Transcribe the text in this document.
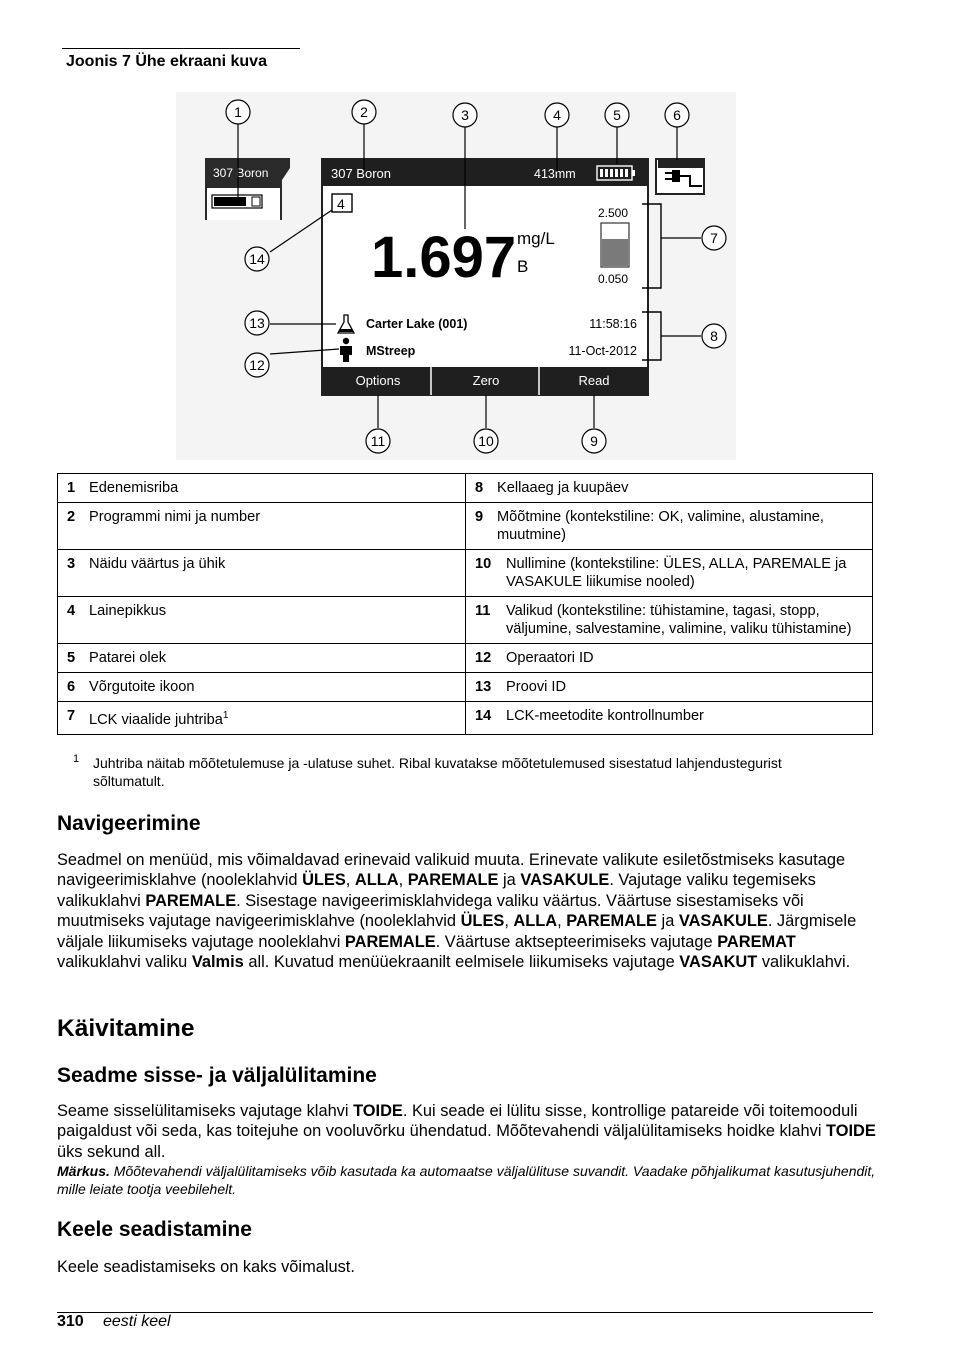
Joonis 7 Ühe ekraani kuva
307 Boron	307 Boron	413mm
4
1.697 mg/L
B
2.500
0.050
Carter Lake (001)	11:58:16
MStreep	11-Oct-2012
Options	Zero	Read
1	2	3	4	5	6
7
8
9
10
11
12
13
14
1 Edenemisriba	8 Kellaaeg ja kuupäev

2 Programmi nimi ja number	9 Mõõtmine (kontekstiline: OK, valimine, alustamine, muutmine)

3 Näidu väärtus ja ühik	10 Nullimine (kontekstiline: ÜLES, ALLA, PAREMALE ja VASAKULE liikumise nooled)

4 Lainepikkus	11 Valikud (kontekstiline: tühistamine, tagasi, stopp, väljumine, salvestamine, valimine, valiku tühistamine)

5 Patarei olek	12 Operaatori ID

6 Võrgutoite ikoon	13 Proovi ID

7 LCK viaalide juhtriba$^1$	14 LCK-meetodite kontrollnumber
1 Juhtriba näitab mõõtetulemuse ja -ulatuse suhet. Ribal kuvatakse mõõtetulemused sisestatud lahjendustegurist sõltumatult.
Navigeerimine
Seadmel on menüüd, mis võimaldavad erinevaid valikuid muuta. Erinevate valikute esiletõstmiseks kasutage navigeerimisklahve (nooleklahvid ÜLES, ALLA, PAREMALE ja VASAKULE. Vajutage valiku tegemiseks valikuklahvi PAREMALE. Sisestage navigeerimisklahvidega valiku väärtus. Väärtuse sisestamiseks või muutmiseks vajutage navigeerimisklahve (nooleklahvid ÜLES, ALLA, PAREMALE ja VASAKULE. Järgmisele väljale liikumiseks vajutage nooleklahvi PAREMALE. Väärtuse aktsepteerimiseks vajutage PAREMAT valikuklahvi valiku Valmis all. Kuvatud menüüekraanilt eelmisele liikumiseks vajutage VASAKUT valikuklahvi.
Käivitamine
Seadme sisse- ja väljalülitamine
Seame sisselülitamiseks vajutage klahvi TOIDE. Kui seade ei lülitu sisse, kontrollige patareide või toitemooduli paigaldust või seda, kas toitejuhe on vooluvõrku ühendatud. Mõõtevahendi väljalülitamiseks hoidke klahvi TOIDE üks sekund all.
Märkus. Mõõtevahendi väljalülitamiseks võib kasutada ka automaatse väljalülituse suvandit. Vaadake põhjalikumat kasutusjuhendit, mille leiate tootja veebilehelt.
Keele seadistamine
Keele seadistamiseks on kaks võimalust.
310 eesti keel
